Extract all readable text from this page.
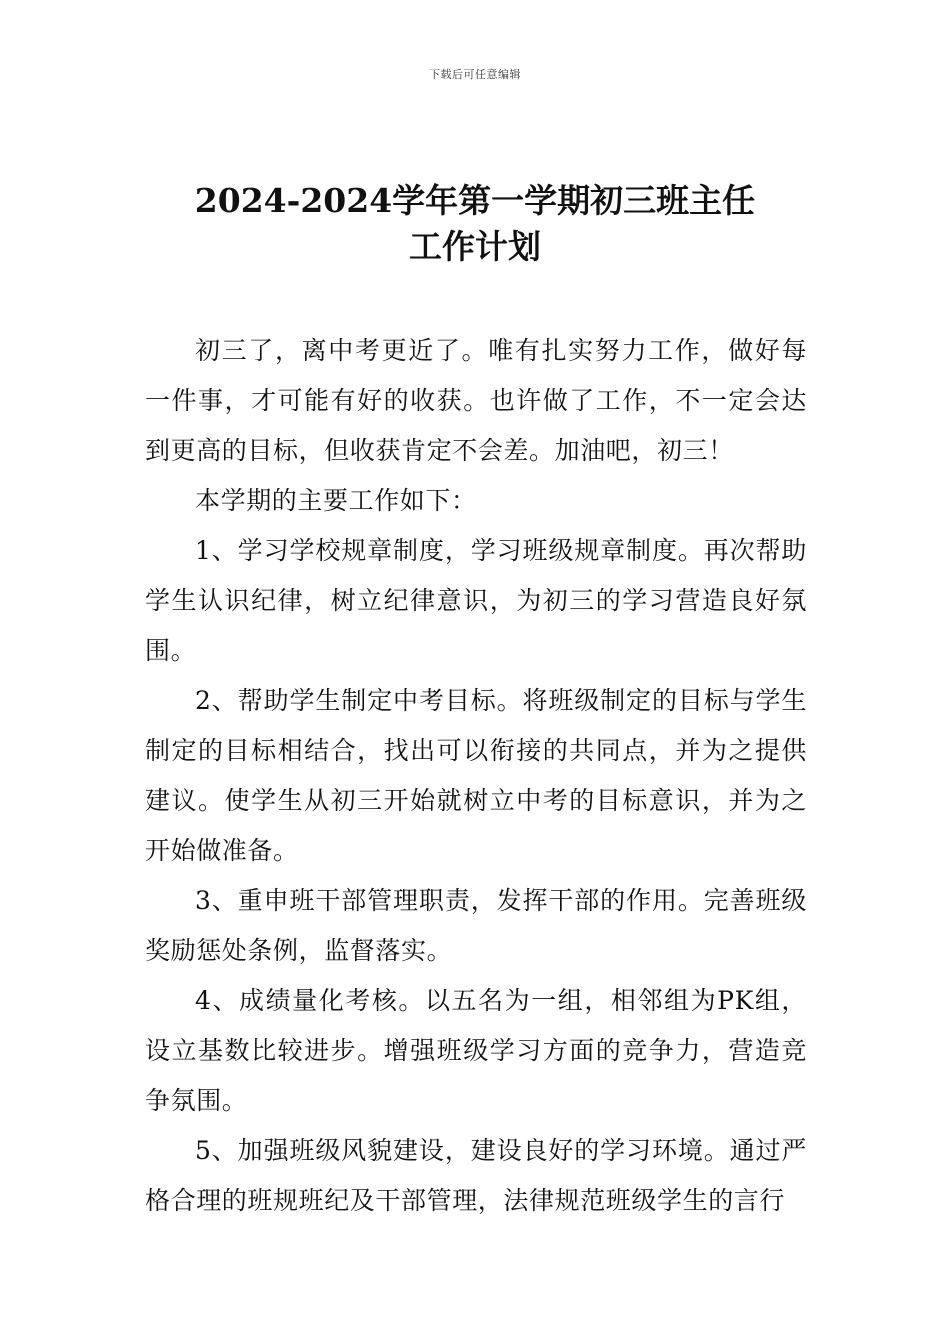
下载后可任意编辑
2024-2024学年第一学期初三班主任
工作计划

初三了，离中考更近了。唯有扎实努力工作，做好每一件事，才可能有好的收获。也许做了工作，不一定会达到更高的目标，但收获肯定不会差。加油吧，初三！

本学期的主要工作如下：

1、学习学校规章制度，学习班级规章制度。再次帮助学生认识纪律，树立纪律意识，为初三的学习营造良好氛围。

2、帮助学生制定中考目标。将班级制定的目标与学生制定的目标相结合，找出可以衔接的共同点，并为之提供建议。使学生从初三开始就树立中考的目标意识，并为之开始做准备。

3、重申班干部管理职责，发挥干部的作用。完善班级奖励惩处条例，监督落实。

4、成绩量化考核。以五名为一组，相邻组为PK组，设立基数比较进步。增强班级学习方面的竞争力，营造竞争氛围。

5、加强班级风貌建设，建设良好的学习环境。通过严格合理的班规班纪及干部管理，法律规范班级学生的言行
